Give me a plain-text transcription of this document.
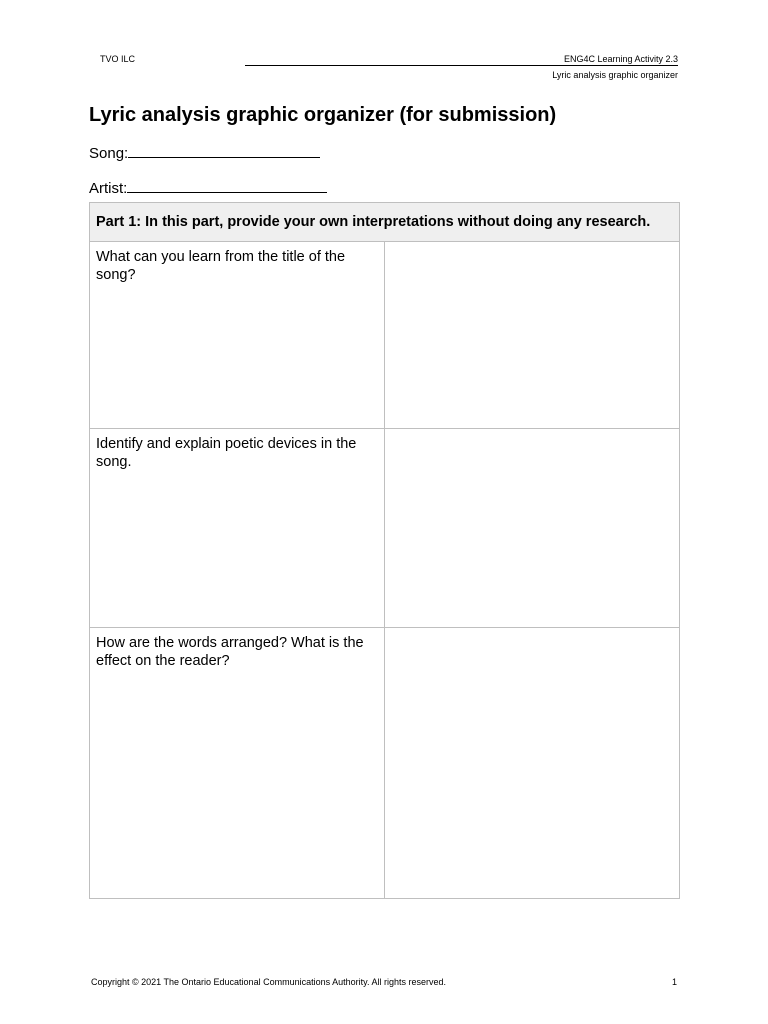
TVO ILC	ENG4C Learning Activity 2.3
Lyric analysis graphic organizer
Lyric analysis graphic organizer (for submission)
Song:
Artist:
Part 1: In this part, provide your own interpretations without doing any research.	
What can you learn from the title of the song?	
Identify and explain poetic devices in the song.	
How are the words arranged? What is the effect on the reader?	
Copyright © 2021 The Ontario Educational Communications Authority. All rights reserved.	1
